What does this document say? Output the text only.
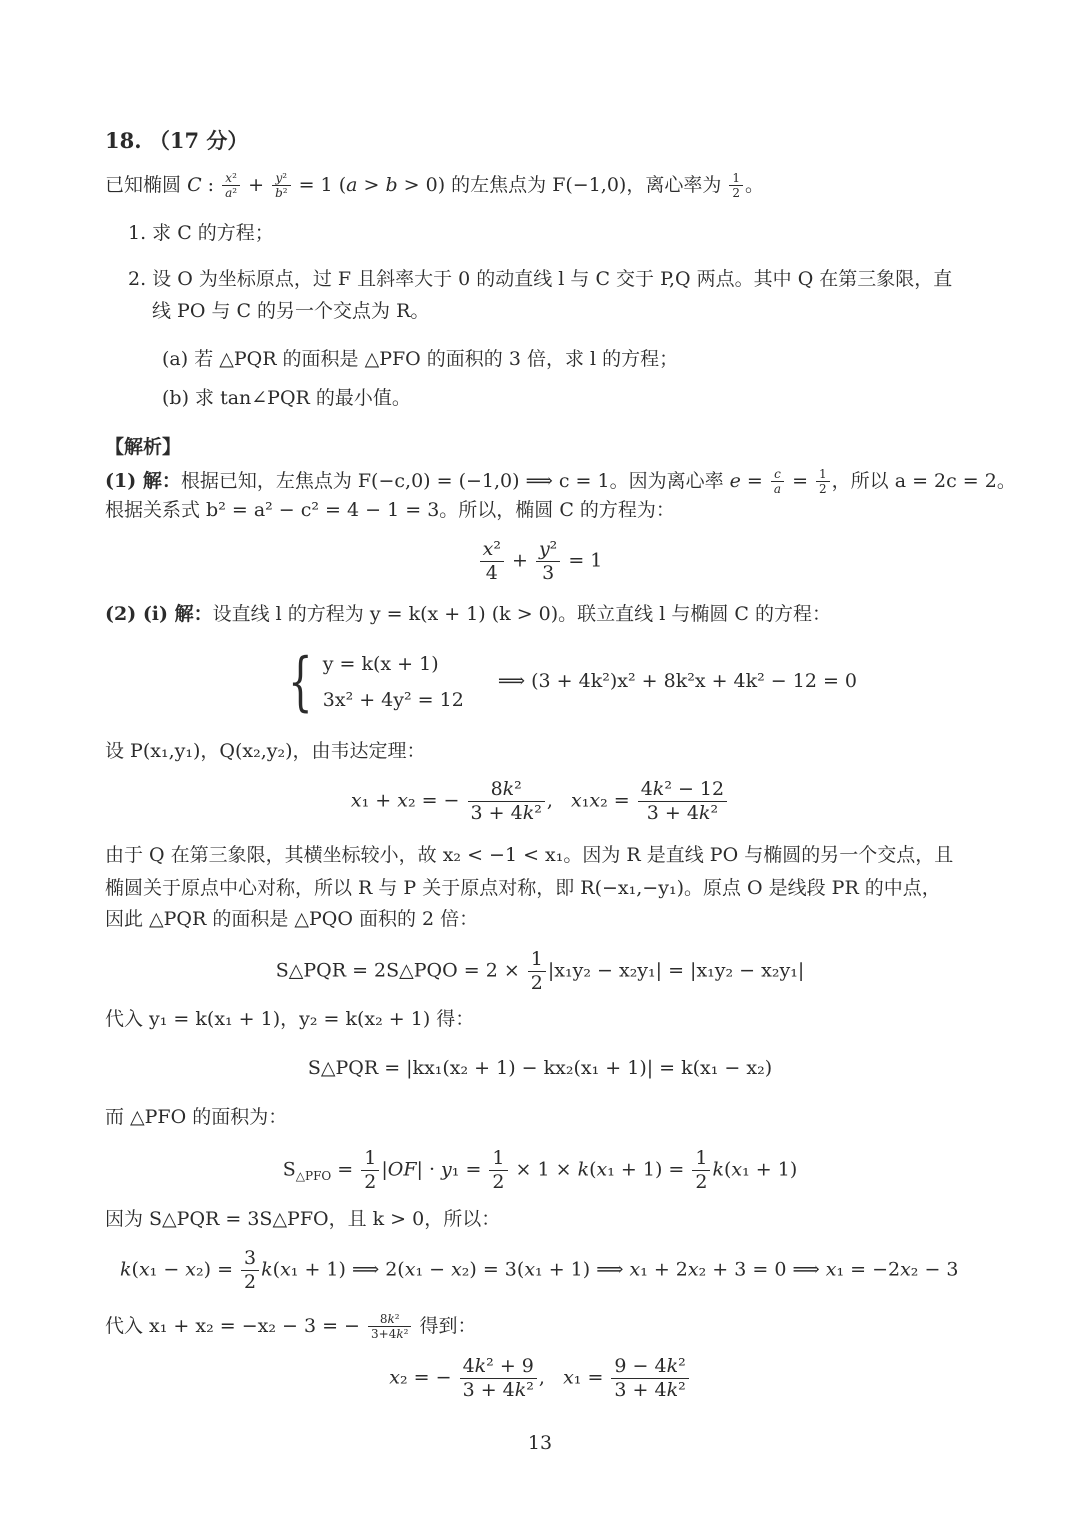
18. （17 分）
已知椭圆 C : $\frac{\text{x²}}{\text{a²}} + \frac{\text{y²}}{\text{b²}} = 1$ (a > b > 0) 的左焦点为 F(−1,0)，离心率为 $\frac{1}{2}$ 。
1. 求 C 的方程；
2. 设 O 为坐标原点，过 F 且斜率大于 0 的动直线 l 与 C 交于 P,Q 两点。其中 Q 在第三象限，直
线 PO 与 C 的另一个交点为 R。
(a) 若 △PQR 的面积是 △PFO 的面积的 3 倍，求 l 的方程；
(b) 求 tan∠PQR 的最小值。
【解析】
(1) 解：根据已知，左焦点为 F(−c,0) = (−1,0) ⟹ c = 1。因为离心率 $e = \frac{c}{a} = \frac{1}{2}$ ，所以 a = 2c = 2。
根据关系式 b² = a² − c² = 4 − 1 = 3。所以，椭圆 C 的方程为：
$\frac{\text{x²}}{4} + \frac{\text{y²}}{3} = 1$
(2) (i) 解：设直线 l 的方程为 y = k(x + 1) (k > 0)。联立直线 l 与椭圆 C 的方程：
{ y = k(x + 1)
3x² + 4y² = 12
⟹ (3 + 4k²)x² + 8k²x + 4k² − 12 = 0
设 P(x₁,y₁)，Q(x₂,y₂)，由韦达定理：
x₁ + x₂ = − $\frac{\text{8k²}}{\text{3 + 4k²}}$ ,   $x_1x_2 = \frac{\text{4k² − 12}}{\text{3 + 4k²}}$
由于 Q 在第三象限，其横坐标较小，故 x₂ < −1 < x₁。因为 R 是直线 PO 与椭圆的另一个交点，且
椭圆关于原点中心对称，所以 R 与 P 关于原点对称，即 R(−x₁,−y₁)。原点 O 是线段 PR 的中点，
因此 △PQR 的面积是 △PQO 面积的 2 倍：
S△PQR = 2S△PQO = $2 \times \frac{1}{2} |x_1y_2 - x_2y_1| = |x_1y_2 - x_2y_1|$
代入 y₁ = k(x₁ + 1)，y₂ = k(x₂ + 1) 得：
S△PQR = |kx₁(x₂ + 1) − kx₂(x₁ + 1)| = k(x₁ − x₂)
而 △PFO 的面积为：
$S_{\triangle PFO} = \frac{1}{2} |OF| \cdot y_1 = \frac{1}{2} \times 1 \times k(x_1 + 1) = \frac{1}{2} k(x_1 + 1)$
因为 S△PQR = 3S△PFO，且 k > 0，所以：
$k(x_1 - x_2) = \frac{3}{2} k(x_1 + 1)$ ⟹ 2(x₁ − x₂) = 3(x₁ + 1) ⟹ x₁ + 2x₂ + 3 = 0 ⟹ x₁ = −2x₂ − 3
代入 x₁ + x₂ = −x₂ − 3 = − $\frac{\text{8k²}}{\text{3+4k²}}$ 得到：
x₂ = − $\frac{\text{4k² + 9}}{\text{3 + 4k²}}$ ,   $x_1 = \frac{\text{9 − 4k²}}{\text{3 + 4k²}}$
13
